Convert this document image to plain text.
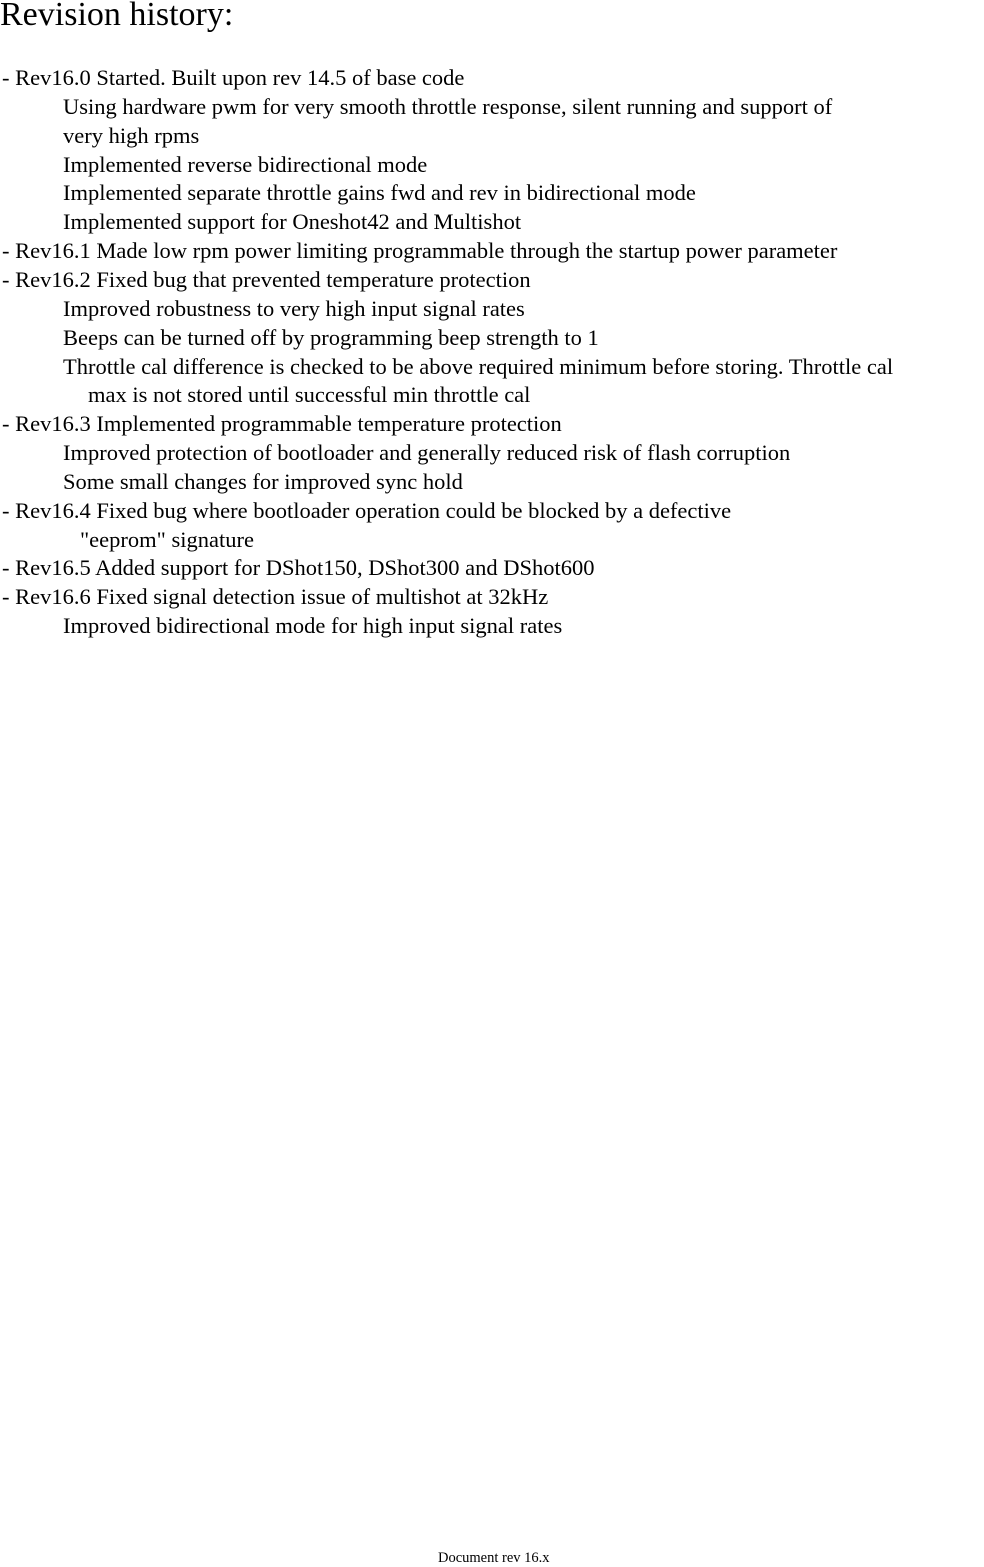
Revision history:
- Rev16.0 Started. Built upon rev 14.5 of base code
Using hardware pwm for very smooth throttle response, silent running and support of
very high rpms
Implemented reverse bidirectional mode
Implemented separate throttle gains fwd and rev in bidirectional mode
Implemented support for Oneshot42 and Multishot
- Rev16.1 Made low rpm power limiting programmable through the startup power parameter
- Rev16.2 Fixed bug that prevented temperature protection
Improved robustness to very high input signal rates
Beeps can be turned off by programming beep strength to 1
Throttle cal difference is checked to be above required minimum before storing. Throttle cal
max is not stored until successful min throttle cal
- Rev16.3 Implemented programmable temperature protection
Improved protection of bootloader and generally reduced risk of flash corruption
Some small changes for improved sync hold
- Rev16.4 Fixed bug where bootloader operation could be blocked by a defective
"eeprom" signature
- Rev16.5 Added support for DShot150, DShot300 and DShot600
- Rev16.6 Fixed signal detection issue of multishot at 32kHz
Improved bidirectional mode for high input signal rates
Document rev 16.x
